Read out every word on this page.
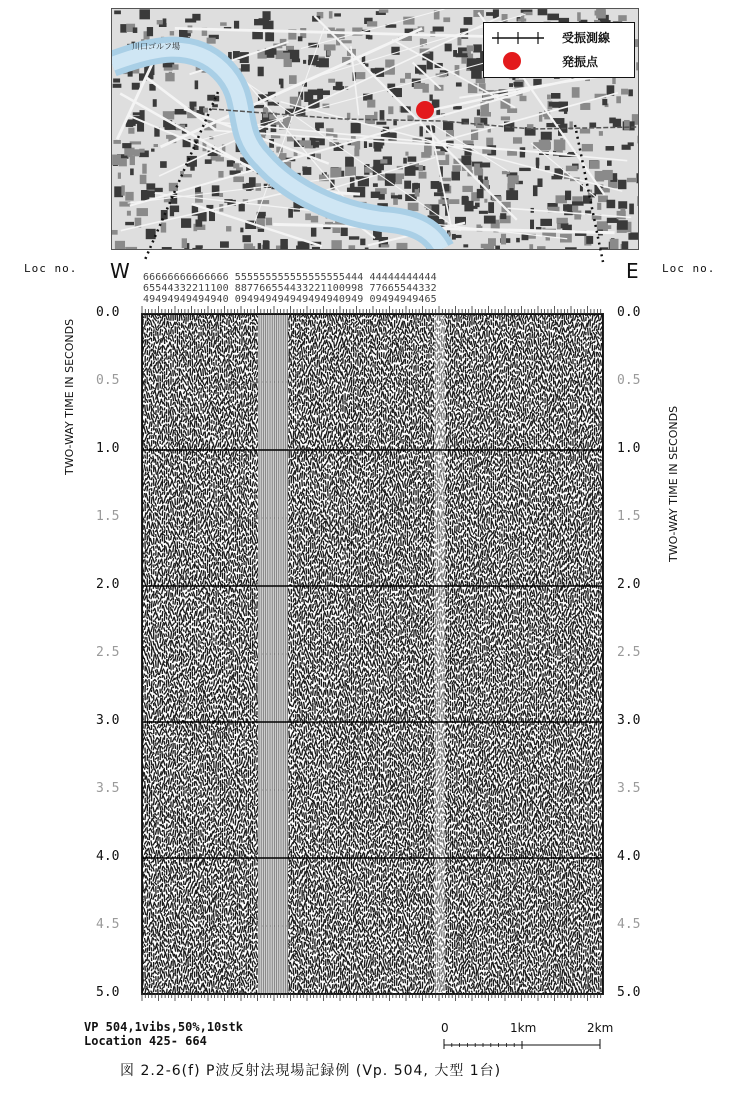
川口ゴルフ場
受振測線
発振点
Loc no.	Loc no.
W	E
66666666666666 555555555555555555444 44444444444
65544332211100 887766554433221100998 77665544332
49494949494940 094949494949494940949 09494949465
0.0
0.5
1.0
1.5
2.0
2.5
3.0
3.5
4.0
4.5
5.0
0.0
0.5
1.0
1.5
2.0
2.5
3.0
3.5
4.0
4.5
5.0
TWO-WAY TIME IN SECONDS
TWO-WAY TIME IN SECONDS
VP 504,1vibs,50%,10stk
Location 425- 664
0	1km	2km
図 2.2-6(f) P波反射法現場記録例 (Vp. 504, 大型 1台)
